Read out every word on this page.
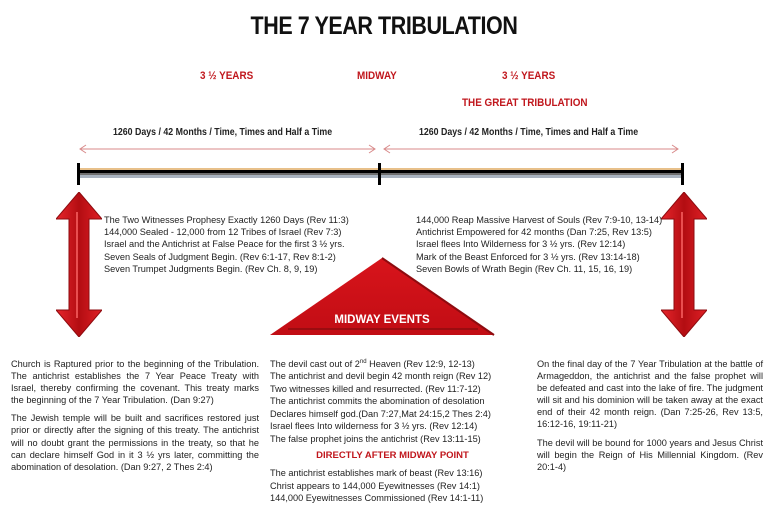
THE 7 YEAR TRIBULATION
3 ½ YEARS	MIDWAY	3 ½ YEARS
THE GREAT TRIBULATION
1260 Days / 42 Months / Time, Times and Half a Time	1260 Days / 42 Months / Time, Times and Half a Time
The Two Witnesses Prophesy Exactly 1260 Days (Rev 11:3)
144,000 Sealed - 12,000 from 12 Tribes of Israel (Rev 7:3)
Israel and the Antichrist at False Peace for the first 3 ½ yrs.
Seven Seals of Judgment Begin. (Rev 6:1-17, Rev 8:1-2)
Seven Trumpet Judgments Begin. (Rev Ch. 8, 9, 19)
144,000 Reap Massive Harvest of Souls (Rev 7:9-10, 13-14)
Antichrist Empowered for 42 months (Dan 7:25, Rev 13:5)
Israel flees Into Wilderness for 3 ½ yrs. (Rev 12:14)
Mark of the Beast Enforced for 3 ½ yrs. (Rev 13:14-18)
Seven Bowls of Wrath Begin (Rev Ch. 11, 15, 16, 19)
MIDWAY EVENTS

Church is Raptured prior to the beginning of the Tribulation. The antichrist establishes the 7 Year Peace Treaty with Israel, thereby confirming the covenant. This treaty marks the beginning of the 7 Year Tribulation. (Dan 9:27)

The Jewish temple will be built and sacrifices restored just prior or directly after the signing of this treaty. The antichrist will no doubt grant the permissions in the treaty, so that he can declare himself God in it 3 ½ yrs later, committing the abomination of desolation. (Dan 9:27, 2 Thes 2:4)

The devil cast out of 2nd Heaven (Rev 12:9, 12-13)
The antichrist and devil begin 42 month reign (Rev 12)
Two witnesses killed and resurrected. (Rev 11:7-12)
The antichrist commits the abomination of desolation
Declares himself god.(Dan 7:27,Mat 24:15,2 Thes 2:4)
Israel flees Into wilderness for 3 ½ yrs. (Rev 12:14)
The false prophet joins the antichrist (Rev 13:11-15)
DIRECTLY AFTER MIDWAY POINT
The antichrist establishes mark of beast (Rev 13:16)
Christ appears to 144,000 Eyewitnesses (Rev 14:1)
144,000 Eyewitnesses Commissioned (Rev 14:1-11)

On the final day of the 7 Year Tribulation at the battle of Armageddon, the antichrist and the false prophet will be defeated and cast into the lake of fire. The judgment will sit and his dominion will be taken away at the exact end of their 42 month reign. (Dan 7:25-26, Rev 13:5, 16:12-16, 19:11-21)

The devil will be bound for 1000 years and Jesus Christ will begin the Reign of His Millennial Kingdom. (Rev 20:1-4)
